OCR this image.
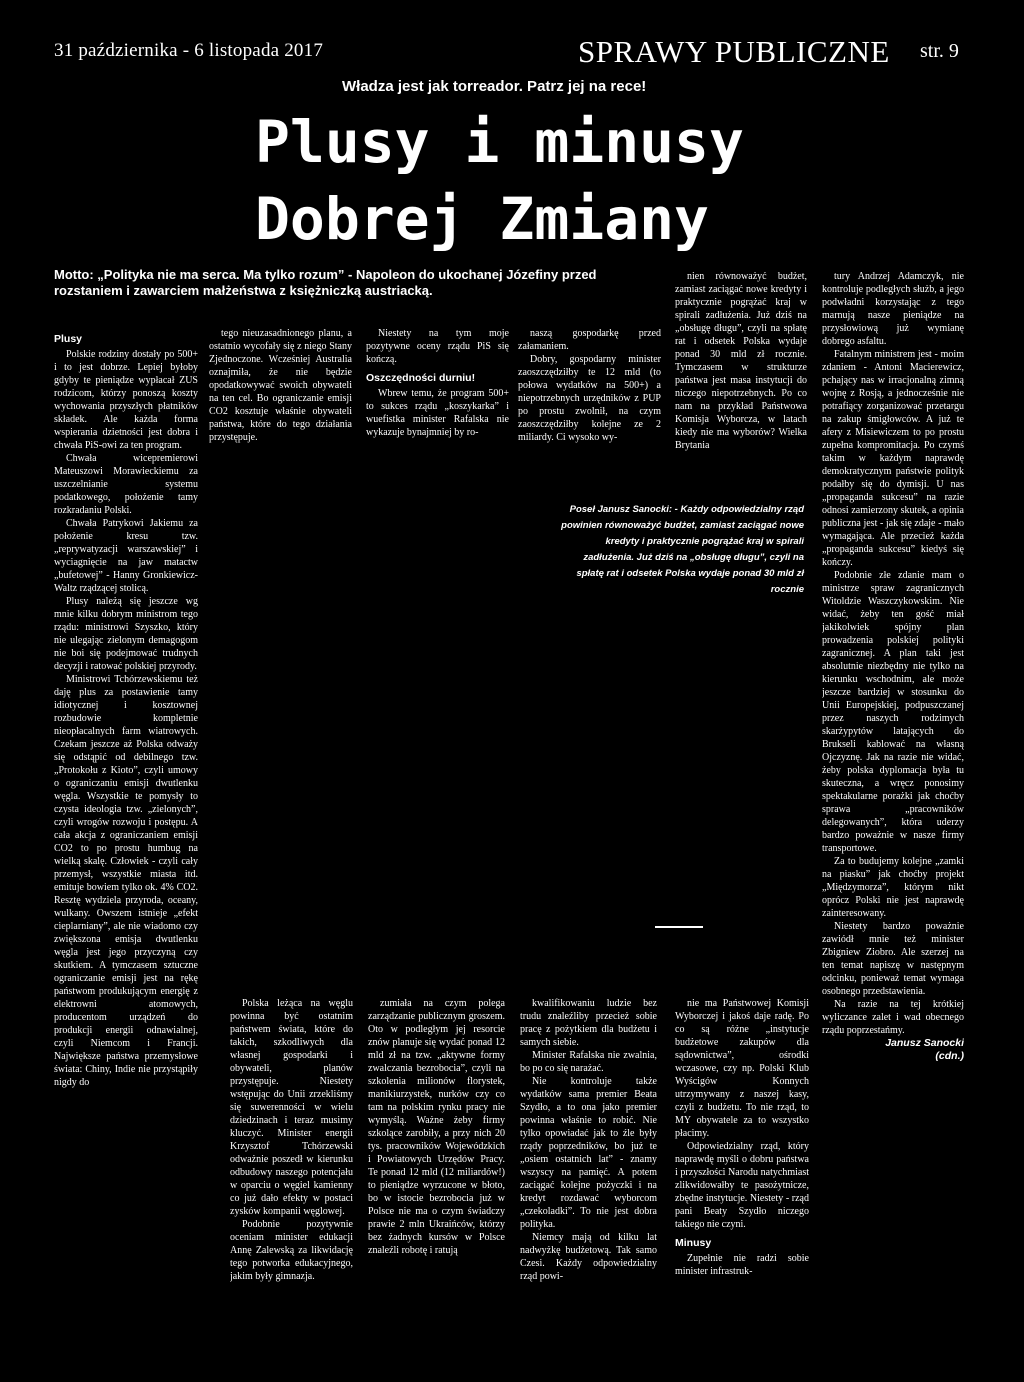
31 października - 6 listopada 2017	SPRAWY PUBLICZNE str. 9
Władza jest jak torreador. Patrz jej na rece!
Plusy i minusy
Dobrej Zmiany
Motto: „Polityka nie ma serca. Ma tylko rozum” - Napoleon do ukochanej Józefiny przed rozstaniem i zawarciem małżeństwa z księżniczką austriacką.
Plusy

Polskie rodziny dostały po 500+ i to jest dobrze. Lepiej byłoby gdyby te pieniądze wypłacał ZUS rodzicom, którzy ponoszą koszty wychowania przyszłych płatników składek. Ale każda forma wspierania dzietności jest dobra i chwała PiS-owi za ten program.

Chwała wicepremierowi Mateuszowi Morawieckiemu za uszczelnianie systemu podatkowego, położenie tamy rozkradaniu Polski.

Chwała Patrykowi Jakiemu za położenie kresu tzw. „reprywatyzacji warszawskiej” i wyciagnięcie na jaw matactw „bufetowej” - Hanny Gronkiewicz-Waltz rządzącej stolicą.

Plusy należą się jeszcze wg mnie kilku dobrym ministrom tego rządu: ministrowi Szyszko, który nie ulegając zielonym demagogom nie boi się podejmować trudnych decyzji i ratować polskiej przyrody.

Ministrowi Tchórzewskiemu też daję plus za postawienie tamy idiotycznej i kosztownej rozbudowie kompletnie nieopłacalnych farm wiatrowych. Czekam jeszcze aż Polska odważy się odstąpić od debilnego tzw. „Protokołu z Kioto”, czyli umowy o ograniczaniu emisji dwutlenku węgla. Wszystkie te pomysły to czysta ideologia tzw. „zielonych”, czyli wrogów rozwoju i postępu. A cała akcja z ograniczaniem emisji CO2 to po prostu humbug na wielką skalę. Człowiek - czyli cały przemysł, wszystkie miasta itd. emituje bowiem tylko ok. 4% CO2. Resztę wydziela przyroda, oceany, wulkany. Owszem istnieje „efekt cieplarniany”, ale nie wiadomo czy zwiększona emisja dwutlenku węgla jest jego przyczyną czy skutkiem. A tymczasem sztuczne ograniczanie emisji jest na rękę państwom produkującym energię z elektrowni atomowych, producentom urządzeń do produkcji energii odnawialnej, czyli Niemcom i Francji. Największe państwa przemysłowe świata: Chiny, Indie nie przystąpiły nigdy do

tego nieuzasadnionego planu, a ostatnio wycofały się z niego Stany Zjednoczone. Wcześniej Australia oznajmiła, że nie będzie opodatkowywać swoich obywateli na ten cel. Bo ograniczanie emisji CO2 kosztuje właśnie obywateli państwa, które do tego działania przystępuje.

Niestety na tym moje pozytywne oceny rządu PiS się kończą.

Oszczędności durniu!

Wbrew temu, że program 500+ to sukces rządu „koszykarka” i wuefistka minister Rafalska nie wykazuje bynajmniej by ro-

naszą gospodarkę przed załamaniem.

Dobry, gospodarny minister zaoszczędziłby te 12 mld (to połowa wydatków na 500+) a niepotrzebnych urzędników z PUP po prostu zwolnił, na czym zaoszczędziłby kolejne ze 2 miliardy. Ci wysoko wy-

nien równoważyć budżet, zamiast zaciągać nowe kredyty i praktycznie pogrążać kraj w spirali zadłużenia. Już dziś na „obsługę długu”, czyli na spłatę rat i odsetek Polska wydaje ponad 30 mld zł rocznie. Tymczasem w strukturze państwa jest masa instytucji do niczego niepotrzebnych. Po co nam na przykład Państwowa Komisja Wyborcza, w latach kiedy nie ma wyborów? Wielka Brytania

Poseł Janusz Sanocki: - Każdy odpowiedzialny rząd powinien równoważyć budżet, zamiast zaciągać nowe kredyty i praktycznie pogrążać kraj w spirali zadłużenia. Już dziś na „obsługę długu”, czyli na spłatę rat i odsetek Polska wydaje ponad 30 mld zł rocznie

tury Andrzej Adamczyk, nie kontroluje podległych służb, a jego podwładni korzystając z tego marnują nasze pieniądze na przysłowiową już wymianę dobrego asfaltu.

Fatalnym ministrem jest - moim zdaniem - Antoni Macierewicz, pchający nas w irracjonalną zimną wojnę z Rosją, a jednocześnie nie potrafiący zorganizować przetargu na zakup śmigłowców. A już te afery z Misiewiczem to po prostu zupełna kompromitacja. Po czymś takim w każdym naprawdę demokratycznym państwie polityk podałby się do dymisji. U nas „propaganda sukcesu” na razie odnosi zamierzony skutek, a opinia publiczna jest - jak się zdaje - mało wymagająca. Ale przecież każda „propaganda sukcesu” kiedyś się kończy.

Podobnie złe zdanie mam o ministrze spraw zagranicznych Witoldzie Waszczykowskim. Nie widać, żeby ten gość miał jakikolwiek spójny plan prowadzenia polskiej polityki zagranicznej. A plan taki jest absolutnie niezbędny nie tylko na kierunku wschodnim, ale może jeszcze bardziej w stosunku do Unii Europejskiej, podpuszczanej przez naszych rodzimych skarżypytów latających do Brukseli kablować na własną Ojczyznę. Jak na razie nie widać, żeby polska dyplomacja była tu skuteczna, a wręcz ponosimy spektakularne porażki jak choćby sprawa „pracowników delegowanych”, która uderzy bardzo poważnie w nasze firmy transportowe.

Za to budujemy kolejne „zamki na piasku” jak choćby projekt „Międzymorza”, którym nikt oprócz Polski nie jest naprawdę zainteresowany.

Niestety bardzo poważnie zawiódł mnie też minister Zbigniew Ziobro. Ale szerzej na ten temat napiszę w następnym odcinku, ponieważ temat wymaga osobnego przedstawienia.

Na razie na tej krótkiej wyliczance zalet i wad obecnego rządu poprzestańmy.

Janusz Sanocki
(cdn.)

Polska leżąca na węglu powinna być ostatnim państwem świata, które do takich, szkodliwych dla własnej gospodarki i obywateli, planów przystępuje. Niestety wstępując do Unii zrzekliśmy się suwerenności w wielu dziedzinach i teraz musimy kluczyć. Minister energii Krzysztof Tchórzewski odważnie poszedł w kierunku odbudowy naszego potencjału w oparciu o węgiel kamienny co już dało efekty w postaci zysków kompanii węglowej.

Podobnie pozytywnie oceniam minister edukacji Annę Zalewską za likwidację tego potworka edukacyjnego, jakim były gimnazja.

zumiała na czym polega zarządzanie publicznym groszem. Oto w podległym jej resorcie znów planuje się wydać ponad 12 mld zł na tzw. „aktywne formy zwalczania bezrobocia”, czyli na szkolenia milionów florystek, manikiurzystek, nurków czy co tam na polskim rynku pracy nie wymyślą. Ważne żeby firmy szkolące zarobiły, a przy nich 20 tys. pracowników Wojewódzkich i Powiatowych Urzędów Pracy. Te ponad 12 mld (12 miliardów!) to pieniądze wyrzucone w błoto, bo w istocie bezrobocia już w Polsce nie ma o czym świadczy prawie 2 mln Ukraińców, którzy bez żadnych kursów w Polsce znaleźli robotę i ratują

kwalifikowaniu ludzie bez trudu znaleźliby przecież sobie pracę z pożytkiem dla budżetu i samych siebie.

Minister Rafalska nie zwalnia, bo po co się narażać.

Nie kontroluje także wydatków sama premier Beata Szydło, a to ona jako premier powinna właśnie to robić. Nie tylko opowiadać jak to źle były rządy poprzedników, bo już te „osiem ostatnich lat” - znamy wszyscy na pamięć. A potem zaciągać kolejne pożyczki i na kredyt rozdawać wyborcom „czekoladki”. To nie jest dobra polityka.

Niemcy mają od kilku lat nadwyżkę budżetową. Tak samo Czesi. Każdy odpowiedzialny rząd powi-

nie ma Państwowej Komisji Wyborczej i jakoś daje radę. Po co są różne „instytucje budżetowe zakupów dla sądownictwa”, ośrodki wczasowe, czy np. Polski Klub Wyścigów Konnych utrzymywany z naszej kasy, czyli z budżetu. To nie rząd, to MY obywatele za to wszystko płacimy.

Odpowiedzialny rząd, który naprawdę myśli o dobru państwa i przyszłości Narodu natychmiast zlikwidowałby te pasożytnicze, zbędne instytucje. Niestety - rząd pani Beaty Szydło niczego takiego nie czyni.

Minusy

Zupełnie nie radzi sobie minister infrastruk-
